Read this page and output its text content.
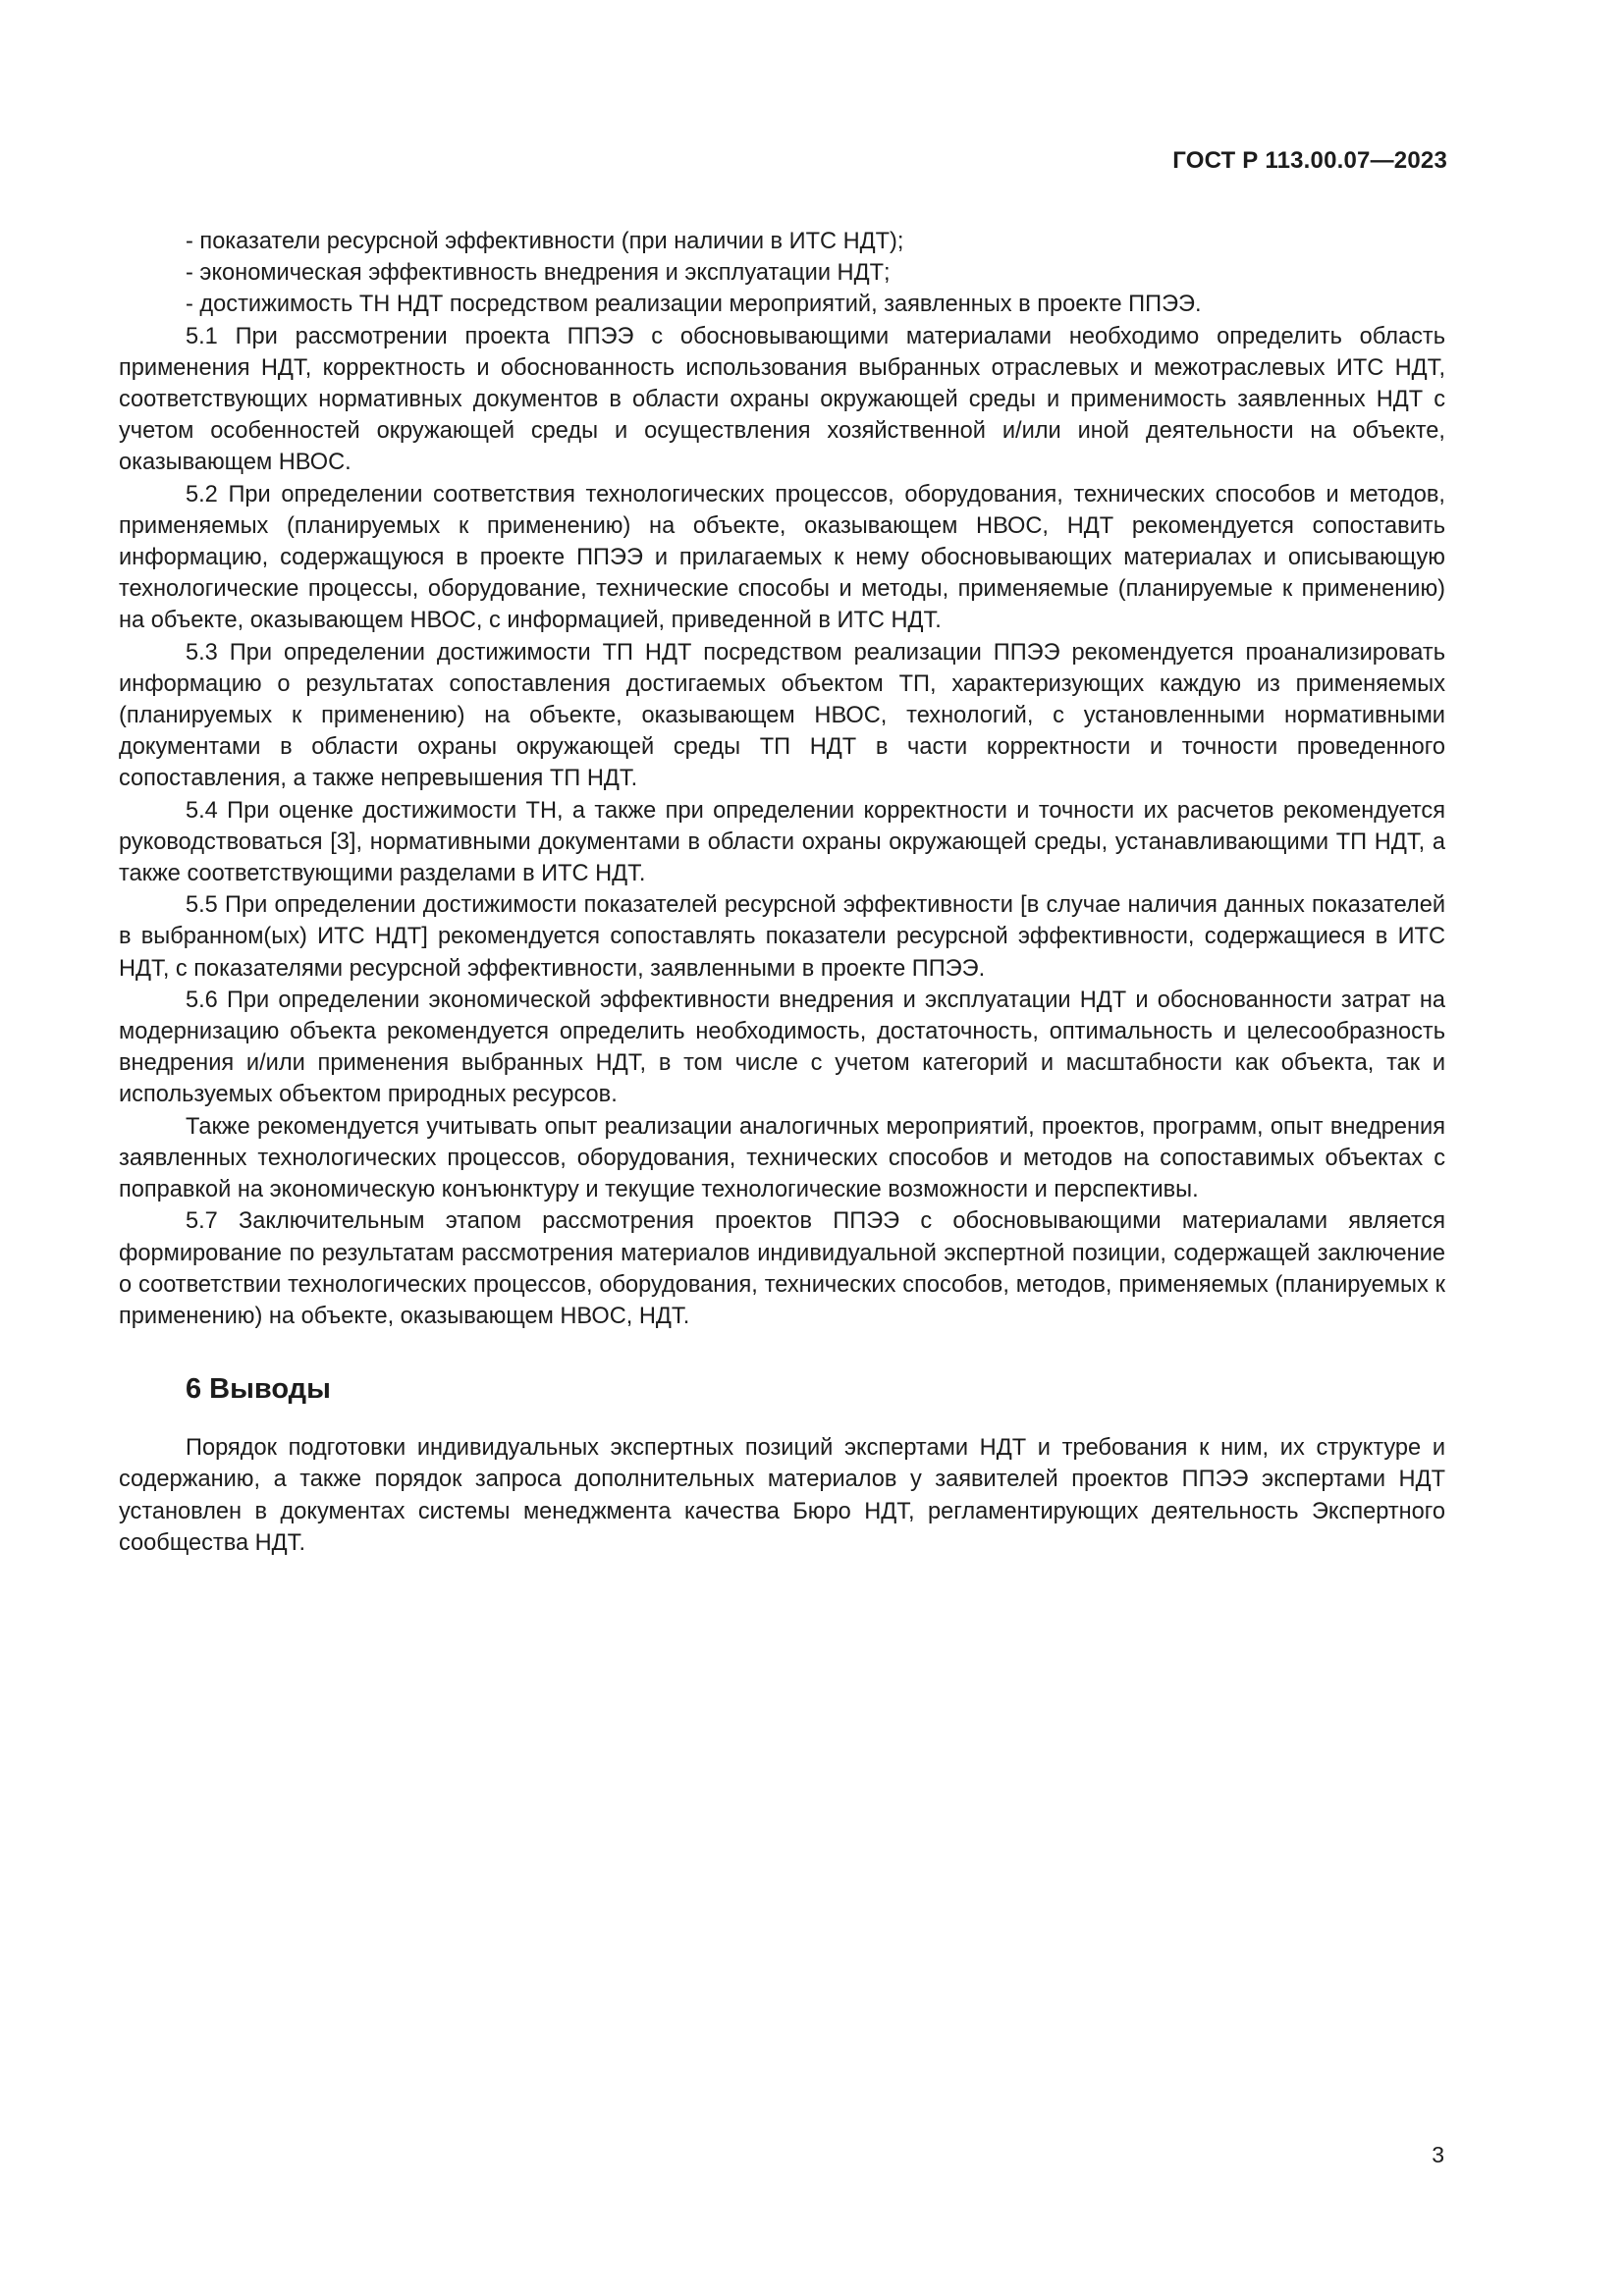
ГОСТ Р 113.00.07—2023

- показатели ресурсной эффективности (при наличии в ИТС НДТ);

- экономическая эффективность внедрения и эксплуатации НДТ;

- достижимость ТН НДТ посредством реализации мероприятий, заявленных в проекте ППЭЭ.

5.1 При рассмотрении проекта ППЭЭ с обосновывающими материалами необходимо определить область применения НДТ, корректность и обоснованность использования выбранных отраслевых и межотраслевых ИТС НДТ, соответствующих нормативных документов в области охраны окружающей среды и применимость заявленных НДТ с учетом особенностей окружающей среды и осуществления хозяйственной и/или иной деятельности на объекте, оказывающем НВОС.

5.2 При определении соответствия технологических процессов, оборудования, технических способов и методов, применяемых (планируемых к применению) на объекте, оказывающем НВОС, НДТ рекомендуется сопоставить информацию, содержащуюся в проекте ППЭЭ и прилагаемых к нему обосновывающих материалах и описывающую технологические процессы, оборудование, технические способы и методы, применяемые (планируемые к применению) на объекте, оказывающем НВОС, с информацией, приведенной в ИТС НДТ.

5.3 При определении достижимости ТП НДТ посредством реализации ППЭЭ рекомендуется проанализировать информацию о результатах сопоставления достигаемых объектом ТП, характеризующих каждую из применяемых (планируемых к применению) на объекте, оказывающем НВОС, технологий, с установленными нормативными документами в области охраны окружающей среды ТП НДТ в части корректности и точности проведенного сопоставления, а также непревышения ТП НДТ.

5.4 При оценке достижимости ТН, а также при определении корректности и точности их расчетов рекомендуется руководствоваться [3], нормативными документами в области охраны окружающей среды, устанавливающими ТП НДТ, а также соответствующими разделами в ИТС НДТ.

5.5 При определении достижимости показателей ресурсной эффективности [в случае наличия данных показателей в выбранном(ых) ИТС НДТ] рекомендуется сопоставлять показатели ресурсной эффективности, содержащиеся в ИТС НДТ, с показателями ресурсной эффективности, заявленными в проекте ППЭЭ.

5.6 При определении экономической эффективности внедрения и эксплуатации НДТ и обоснованности затрат на модернизацию объекта рекомендуется определить необходимость, достаточность, оптимальность и целесообразность внедрения и/или применения выбранных НДТ, в том числе с учетом категорий и масштабности как объекта, так и используемых объектом природных ресурсов.

Также рекомендуется учитывать опыт реализации аналогичных мероприятий, проектов, программ, опыт внедрения заявленных технологических процессов, оборудования, технических способов и методов на сопоставимых объектах с поправкой на экономическую конъюнктуру и текущие технологические возможности и перспективы.

5.7 Заключительным этапом рассмотрения проектов ППЭЭ с обосновывающими материалами является формирование по результатам рассмотрения материалов индивидуальной экспертной позиции, содержащей заключение о соответствии технологических процессов, оборудования, технических способов, методов, применяемых (планируемых к применению) на объекте, оказывающем НВОС, НДТ.

6 Выводы

Порядок подготовки индивидуальных экспертных позиций экспертами НДТ и требования к ним, их структуре и содержанию, а также порядок запроса дополнительных материалов у заявителей проектов ППЭЭ экспертами НДТ установлен в документах системы менеджмента качества Бюро НДТ, регламентирующих деятельность Экспертного сообщества НДТ.

3
